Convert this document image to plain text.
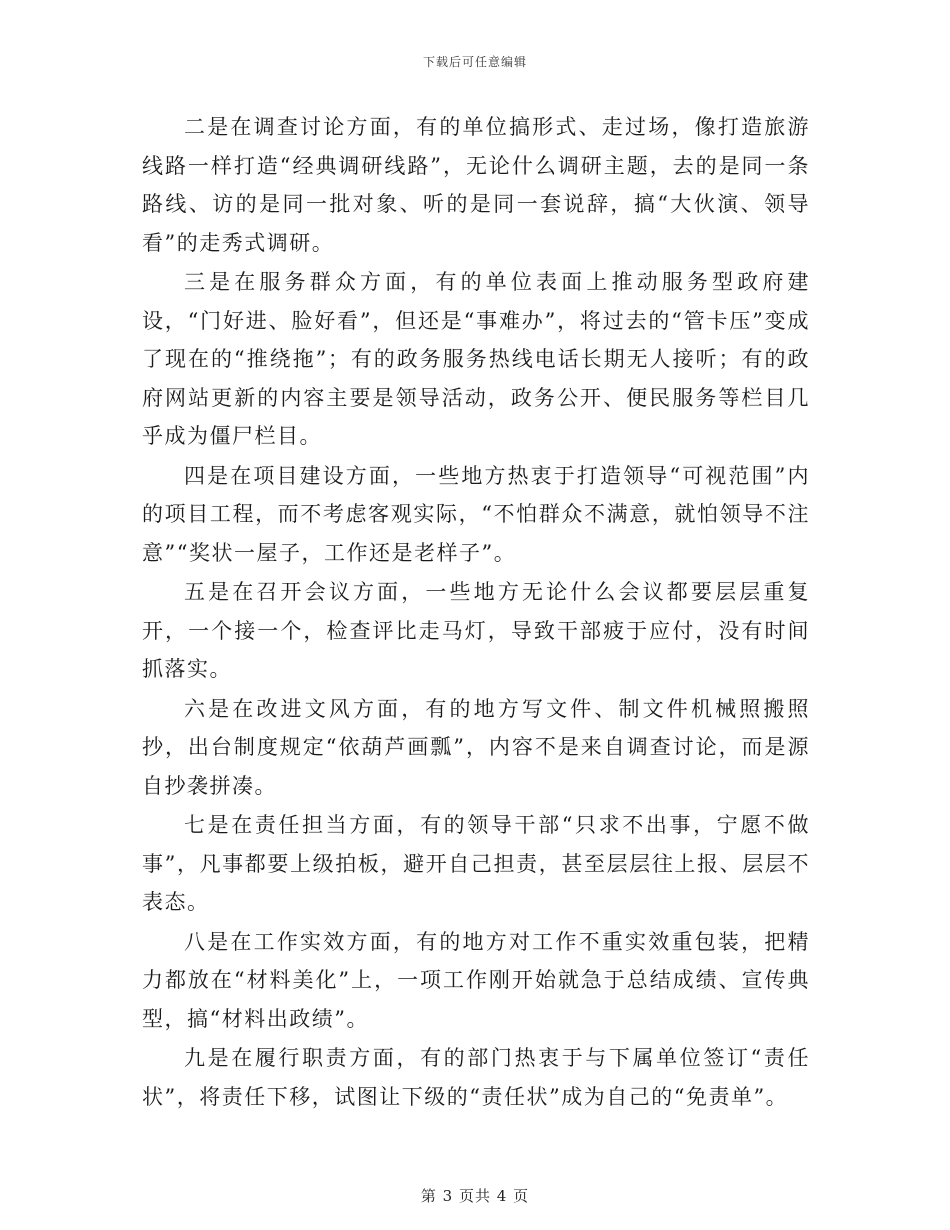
下载后可任意编辑

二是在调查讨论方面，有的单位搞形式、走过场，像打造旅游线路一样打造“经典调研线路”，无论什么调研主题，去的是同一条路线、访的是同一批对象、听的是同一套说辞，搞“大伙演、领导看”的走秀式调研。

三是在服务群众方面，有的单位表面上推动服务型政府建设，“门好进、脸好看”，但还是“事难办”，将过去的“管卡压”变成了现在的“推绕拖”；有的政务服务热线电话长期无人接听；有的政府网站更新的内容主要是领导活动，政务公开、便民服务等栏目几乎成为僵尸栏目。

四是在项目建设方面，一些地方热衷于打造领导“可视范围”内的项目工程，而不考虑客观实际，“不怕群众不满意，就怕领导不注意”“奖状一屋子，工作还是老样子”。

五是在召开会议方面，一些地方无论什么会议都要层层重复开，一个接一个，检查评比走马灯，导致干部疲于应付，没有时间抓落实。

六是在改进文风方面，有的地方写文件、制文件机械照搬照抄，出台制度规定“依葫芦画瓢”，内容不是来自调查讨论，而是源自抄袭拼凑。

七是在责任担当方面，有的领导干部“只求不出事，宁愿不做事”，凡事都要上级拍板，避开自己担责，甚至层层往上报、层层不表态。

八是在工作实效方面，有的地方对工作不重实效重包装，把精力都放在“材料美化”上，一项工作刚开始就急于总结成绩、宣传典型，搞“材料出政绩”。

九是在履行职责方面，有的部门热衷于与下属单位签订“责任状”，将责任下移，试图让下级的“责任状”成为自己的“免责单”。

第 3 页共 4 页
